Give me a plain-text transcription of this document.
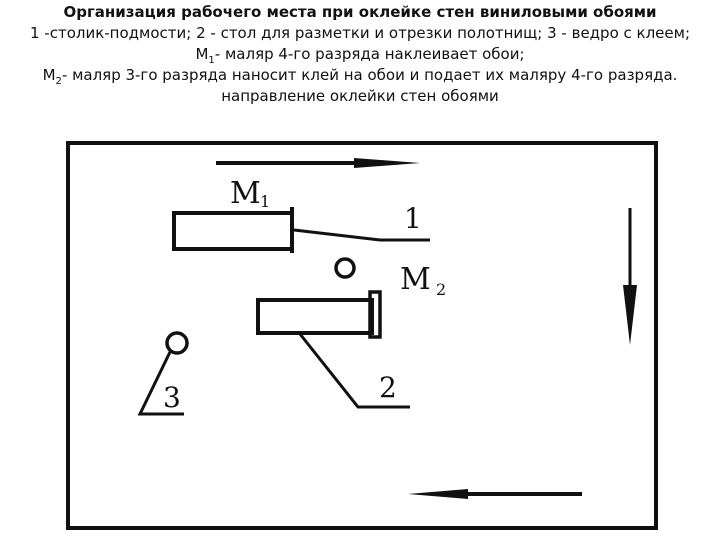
Организация рабочего места при оклейке стен виниловыми обоями
1 -столик-подмости; 2 - стол для разметки и отрезки полотнищ; 3 - ведро с клеем;
$М_1-$ маляр 4-го разряда наклеивает обои;
$М_2-$ маляр 3-го разряда наносит клей на обои и подает их маляру 4-го разряда.
направление оклейки стен обоями
М 1
1
М 2
2
3
